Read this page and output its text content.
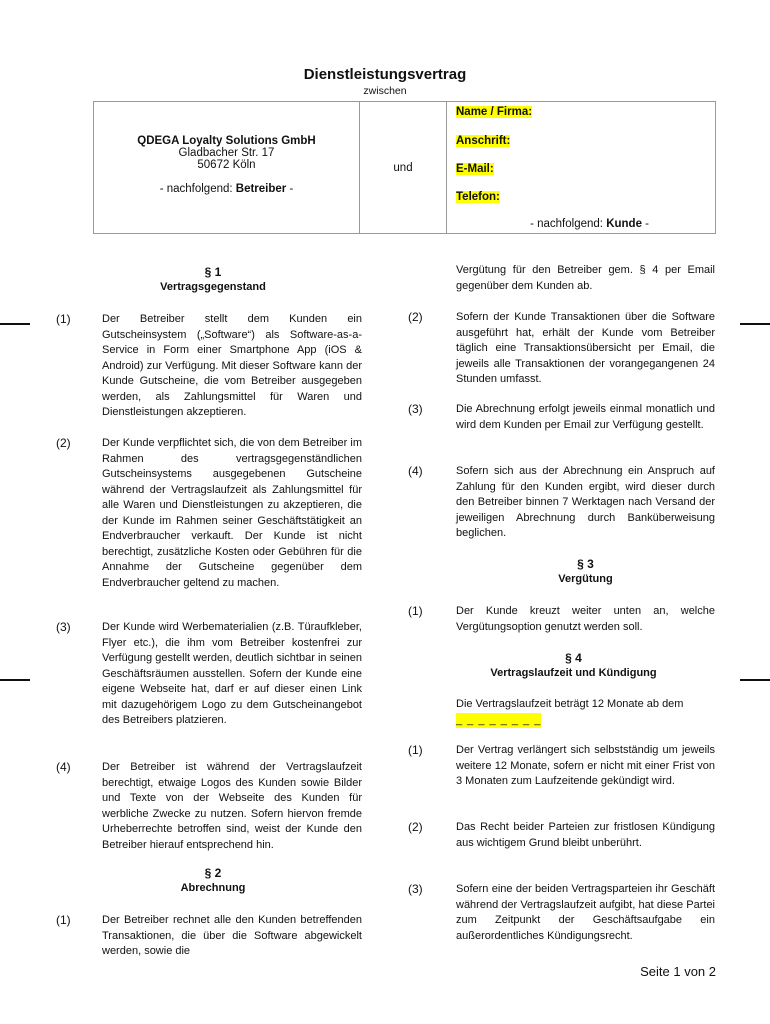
Dienstleistungsvertrag
zwischen
QDEGA Loyalty Solutions GmbH
Gladbacher Str. 17
50672 Köln
- nachfolgend: Betreiber -
und
Name / Firma:
Anschrift:
E-Mail:
Telefon:
- nachfolgend: Kunde -
§ 1
Vertragsgegenstand
(1)	Der Betreiber stellt dem Kunden ein Gutscheinsystem („Software“) als Software-as-a-Service in Form einer Smartphone App (iOS & Android) zur Verfügung. Mit dieser Software kann der Kunde Gutscheine, die vom Betreiber ausgegeben werden, als Zahlungsmittel für Waren und Dienstleistungen akzeptieren.
(2)	Der Kunde verpflichtet sich, die von dem Betreiber im Rahmen des vertragsgegenständlichen Gutscheinsystems ausgegebenen Gutscheine während der Vertragslaufzeit als Zahlungsmittel für alle Waren und Dienstleistungen zu akzeptieren, die der Kunde im Rahmen seiner Geschäftstätigkeit an Endverbraucher verkauft. Der Kunde ist nicht berechtigt, zusätzliche Kosten oder Gebühren für die Annahme der Gutscheine gegenüber dem Endverbraucher geltend zu machen.
(3)	Der Kunde wird Werbematerialien (z.B. Türaufkleber, Flyer etc.), die ihm vom Betreiber kostenfrei zur Verfügung gestellt werden, deutlich sichtbar in seinen Geschäftsräumen ausstellen. Sofern der Kunde eine eigene Webseite hat, darf er auf dieser einen Link mit dazugehörigem Logo zu dem Gutscheinangebot des Betreibers platzieren.
(4)	Der Betreiber ist während der Vertragslaufzeit berechtigt, etwaige Logos des Kunden sowie Bilder und Texte von der Webseite des Kunden für werbliche Zwecke zu nutzen. Sofern hiervon fremde Urheberrechte betroffen sind, weist der Kunde den Betreiber hierauf entsprechend hin.
§ 2
Abrechnung
(1)	Der Betreiber rechnet alle den Kunden betreffenden Transaktionen, die über die Software abgewickelt werden, sowie die
Vergütung für den Betreiber gem. § 4 per Email gegenüber dem Kunden ab.
(2)	Sofern der Kunde Transaktionen über die Software ausgeführt hat, erhält der Kunde vom Betreiber täglich eine Transaktionsübersicht per Email, die jeweils alle Transaktionen der vorangegangenen 24 Stunden umfasst.
(3)	Die Abrechnung erfolgt jeweils einmal monatlich und wird dem Kunden per Email zur Verfügung gestellt.
(4)	Sofern sich aus der Abrechnung ein Anspruch auf Zahlung für den Kunden ergibt, wird dieser durch den Betreiber binnen 7 Werktagen nach Versand der jeweiligen Abrechnung durch Banküberweisung beglichen.
§ 3
Vergütung
(1)	Der Kunde kreuzt weiter unten an, welche Vergütungsoption genutzt werden soll.
§ 4
Vertragslaufzeit und Kündigung
Die Vertragslaufzeit beträgt 12 Monate ab dem
_ _ _ _ _ _ _ _
(1)	Der Vertrag verlängert sich selbstständig um jeweils weitere 12 Monate, sofern er nicht mit einer Frist von 3 Monaten zum Laufzeitende gekündigt wird.
(2)	Das Recht beider Parteien zur fristlosen Kündigung aus wichtigem Grund bleibt unberührt.
(3)	Sofern eine der beiden Vertragsparteien ihr Geschäft während der Vertragslaufzeit aufgibt, hat diese Partei zum Zeitpunkt der Geschäftsaufgabe ein außerordentliches Kündigungsrecht.
Seite 1 von 2
